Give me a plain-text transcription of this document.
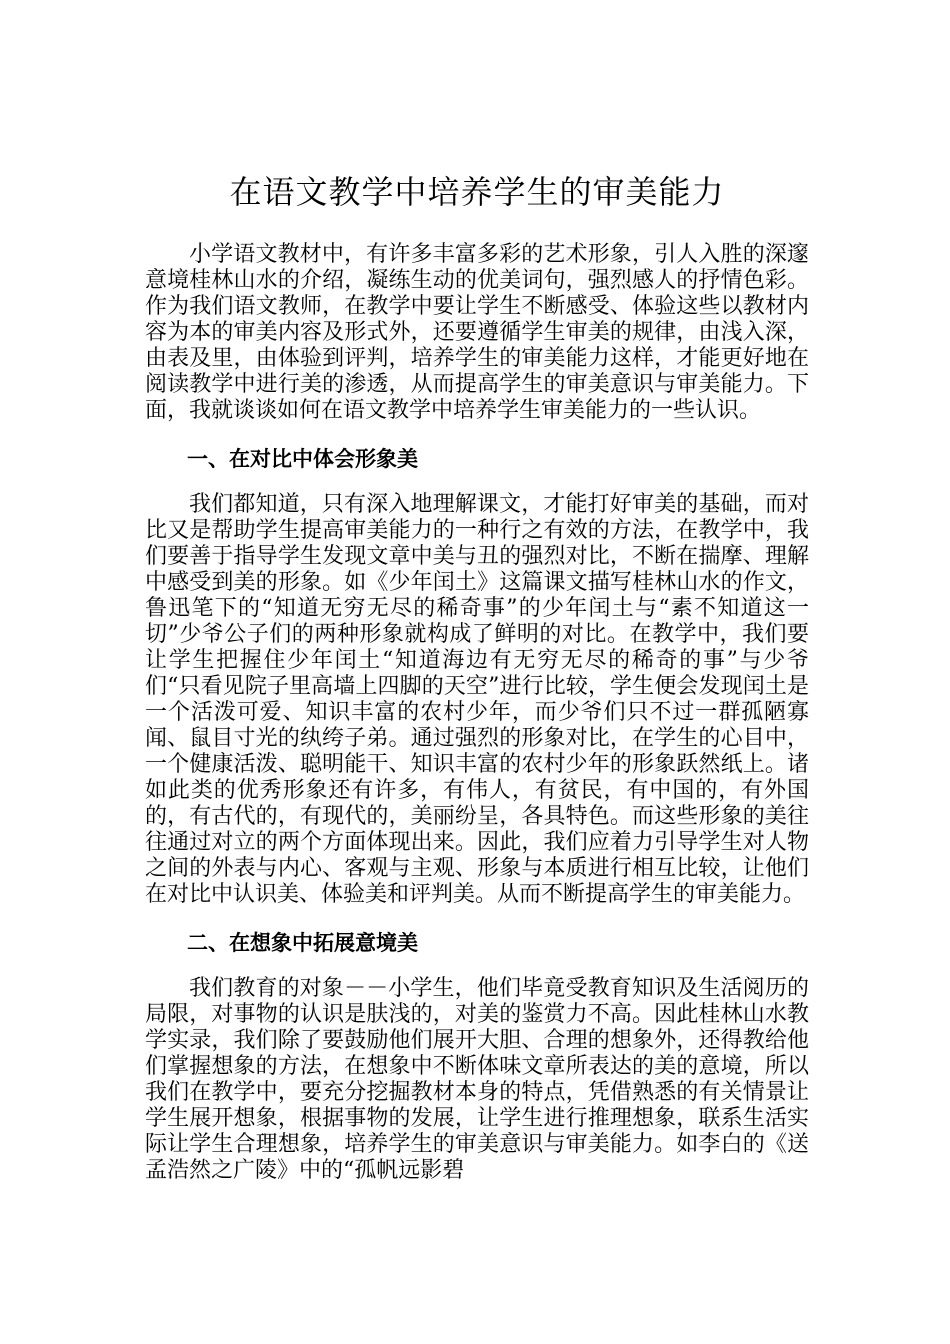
在语文教学中培养学生的审美能力

小学语文教材中，有许多丰富多彩的艺术形象，引人入胜的深邃意境桂林山水的介绍，凝练生动的优美词句，强烈感人的抒情色彩。作为我们语文教师，在教学中要让学生不断感受、体验这些以教材内容为本的审美内容及形式外，还要遵循学生审美的规律，由浅入深，由表及里，由体验到评判，培养学生的审美能力这样，才能更好地在阅读教学中进行美的渗透，从而提高学生的审美意识与审美能力。下面，我就谈谈如何在语文教学中培养学生审美能力的一些认识。

一、在对比中体会形象美

我们都知道，只有深入地理解课文，才能打好审美的基础，而对比又是帮助学生提高审美能力的一种行之有效的方法，在教学中，我们要善于指导学生发现文章中美与丑的强烈对比，不断在揣摩、理解中感受到美的形象。如《少年闰土》这篇课文描写桂林山水的作文，鲁迅笔下的“知道无穷无尽的稀奇事”的少年闰土与“素不知道这一切”少爷公子们的两种形象就构成了鲜明的对比。在教学中，我们要让学生把握住少年闰土“知道海边有无穷无尽的稀奇的事”与少爷们“只看见院子里高墙上四脚的天空”进行比较，学生便会发现闰土是一个活泼可爱、知识丰富的农村少年，而少爷们只不过一群孤陋寡闻、鼠目寸光的纨绔子弟。通过强烈的形象对比，在学生的心目中，一个健康活泼、聪明能干、知识丰富的农村少年的形象跃然纸上。诸如此类的优秀形象还有许多，有伟人，有贫民，有中国的，有外国的，有古代的，有现代的，美丽纷呈，各具特色。而这些形象的美往往通过对立的两个方面体现出来。因此，我们应着力引导学生对人物之间的外表与内心、客观与主观、形象与本质进行相互比较，让他们在对比中认识美、体验美和评判美。从而不断提高学生的审美能力。

二、在想象中拓展意境美

我们教育的对象－－小学生，他们毕竟受教育知识及生活阅历的局限，对事物的认识是肤浅的，对美的鉴赏力不高。因此桂林山水教学实录，我们除了要鼓励他们展开大胆、合理的想象外，还得教给他们掌握想象的方法，在想象中不断体味文章所表达的美的意境，所以我们在教学中，要充分挖掘教材本身的特点，凭借熟悉的有关情景让学生展开想象，根据事物的发展，让学生进行推理想象，联系生活实际让学生合理想象，培养学生的审美意识与审美能力。如李白的《送孟浩然之广陵》中的“孤帆远影碧
